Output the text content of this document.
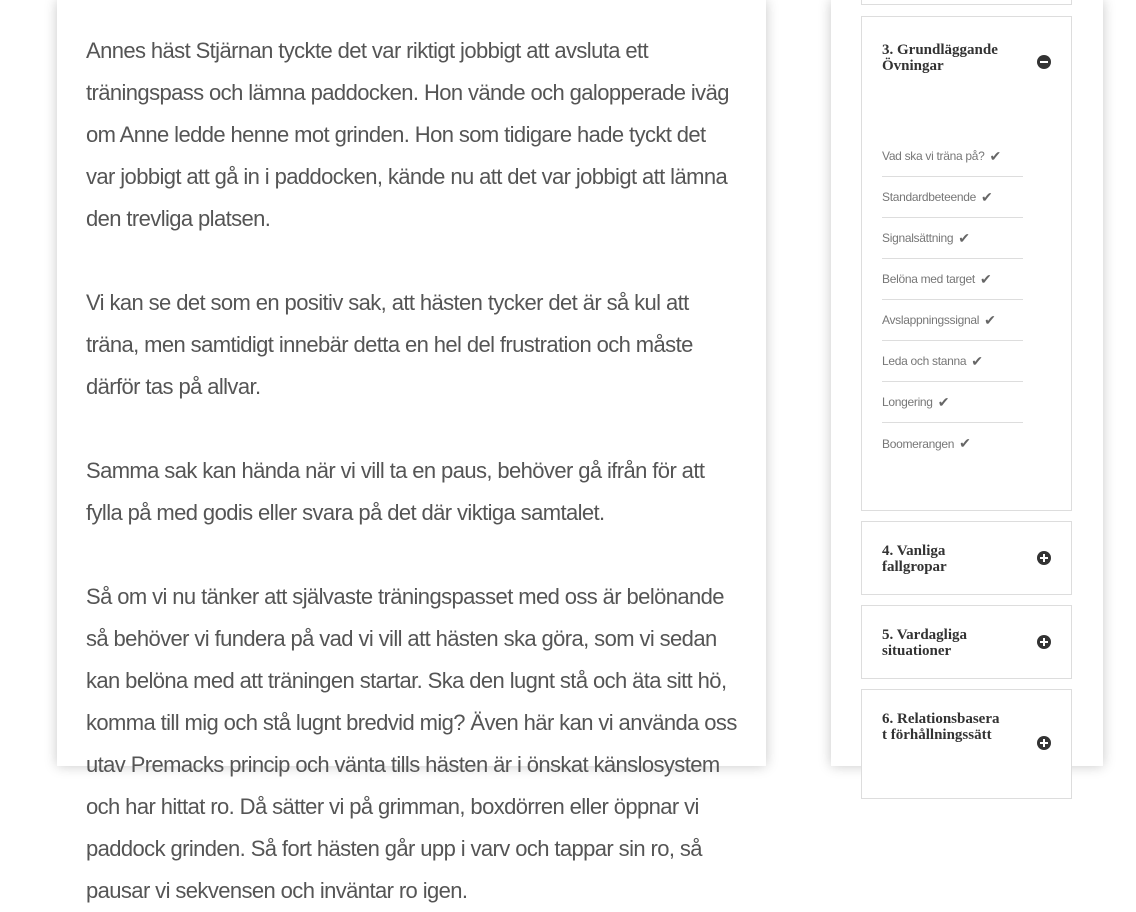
Annes häst Stjärnan tyckte det var riktigt jobbigt att avsluta ett träningspass och lämna paddocken. Hon vände och galopperade iväg om Anne ledde henne mot grinden. Hon som tidigare hade tyckt det var jobbigt att gå in i paddocken, kände nu att det var jobbigt att lämna den trevliga platsen.

Vi kan se det som en positiv sak, att hästen tycker det är så kul att träna, men samtidigt innebär detta en hel del frustration och måste därför tas på allvar.

Samma sak kan hända när vi vill ta en paus, behöver gå ifrån för att fylla på med godis eller svara på det där viktiga samtalet.

Så om vi nu tänker att självaste träningspasset med oss är belönande så behöver vi fundera på vad vi vill att hästen ska göra, som vi sedan kan belöna med att träningen startar. Ska den lugnt stå och äta sitt hö, komma till mig och stå lugnt bredvid mig? Även här kan vi använda oss utav Premacks princip och vänta tills hästen är i önskat känslosystem och har hittat ro. Då sätter vi på grimman, boxdörren eller öppnar vi paddock grinden. Så fort hästen går upp i varv och tappar sin ro, så pausar vi sekvensen och inväntar ro igen.

3. Grundläggande Övningar

Vad ska vi träna på? ✔
Standardbeteende ✔
Signalsättning ✔
Belöna med target ✔
Avslappningssignal ✔
Leda och stanna ✔
Longering ✔
Boomerangen ✔

4. Vanliga fallgropar

5. Vardagliga situationer

6. Relationsbaserat förhållningssätt
